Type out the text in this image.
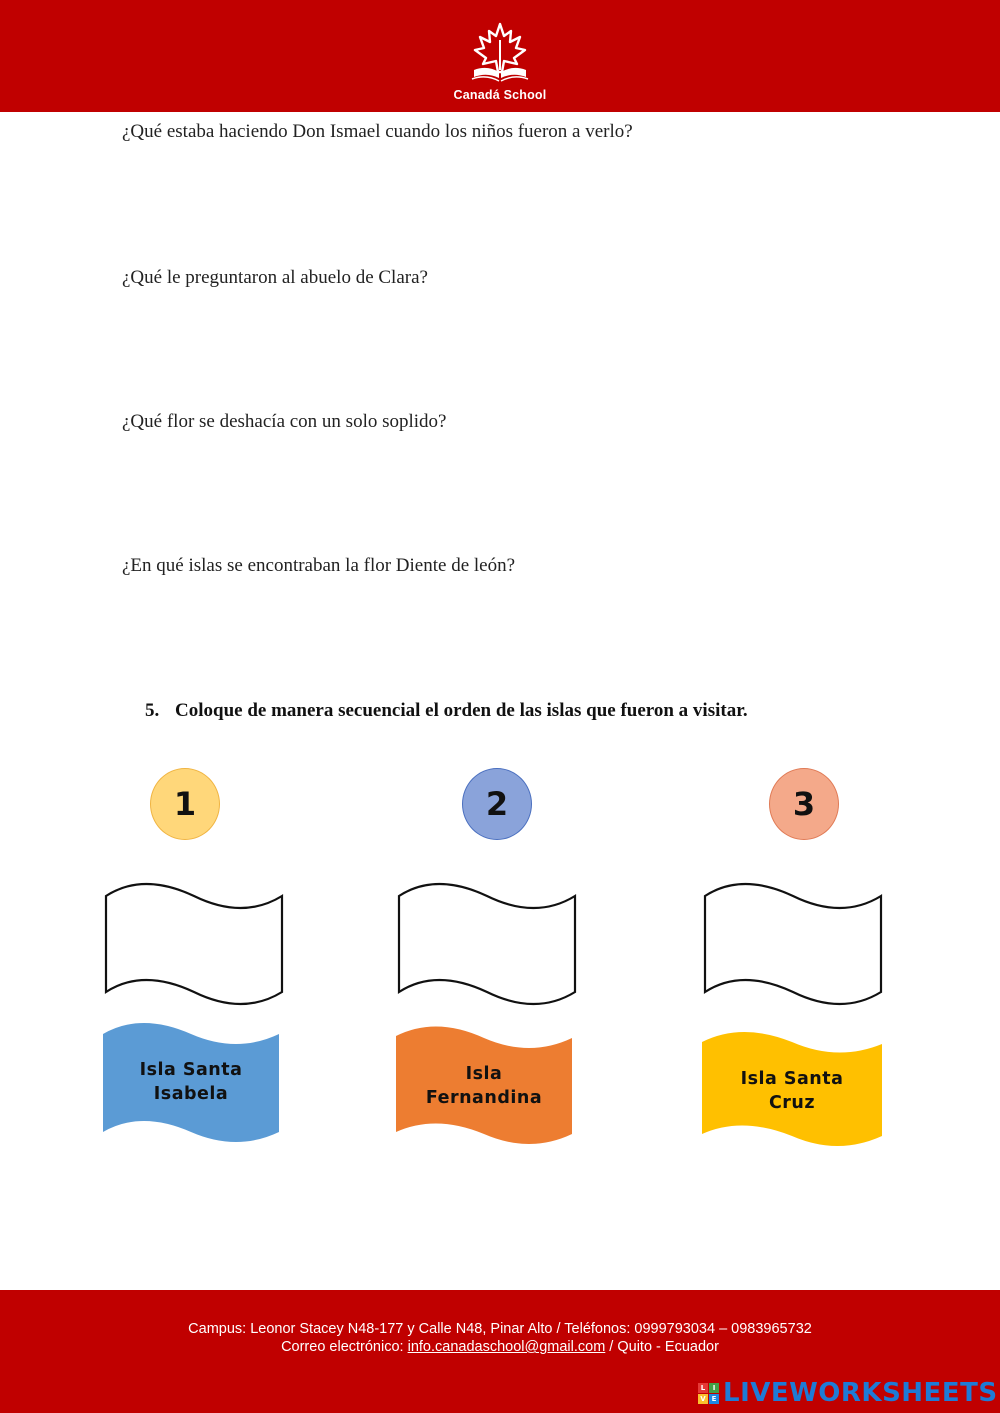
Canadá School
¿Qué estaba haciendo Don Ismael cuando los niños fueron a verlo?
¿Qué le preguntaron al abuelo de Clara?
¿Qué flor se deshacía con un solo soplido?
¿En qué islas se encontraban la flor Diente de león?
5. Coloque de manera secuencial el orden de las islas que fueron a visitar.
1	2	3
Isla Santa
Isabela
Isla
Fernandina
Isla Santa
Cruz
Campus: Leonor Stacey N48-177 y Calle N48, Pinar Alto / Teléfonos: 0999793034 – 0983965732
Correo electrónico: info.canadaschool@gmail.com / Quito - Ecuador
L	I
V E LIVEWORKSHEETS
